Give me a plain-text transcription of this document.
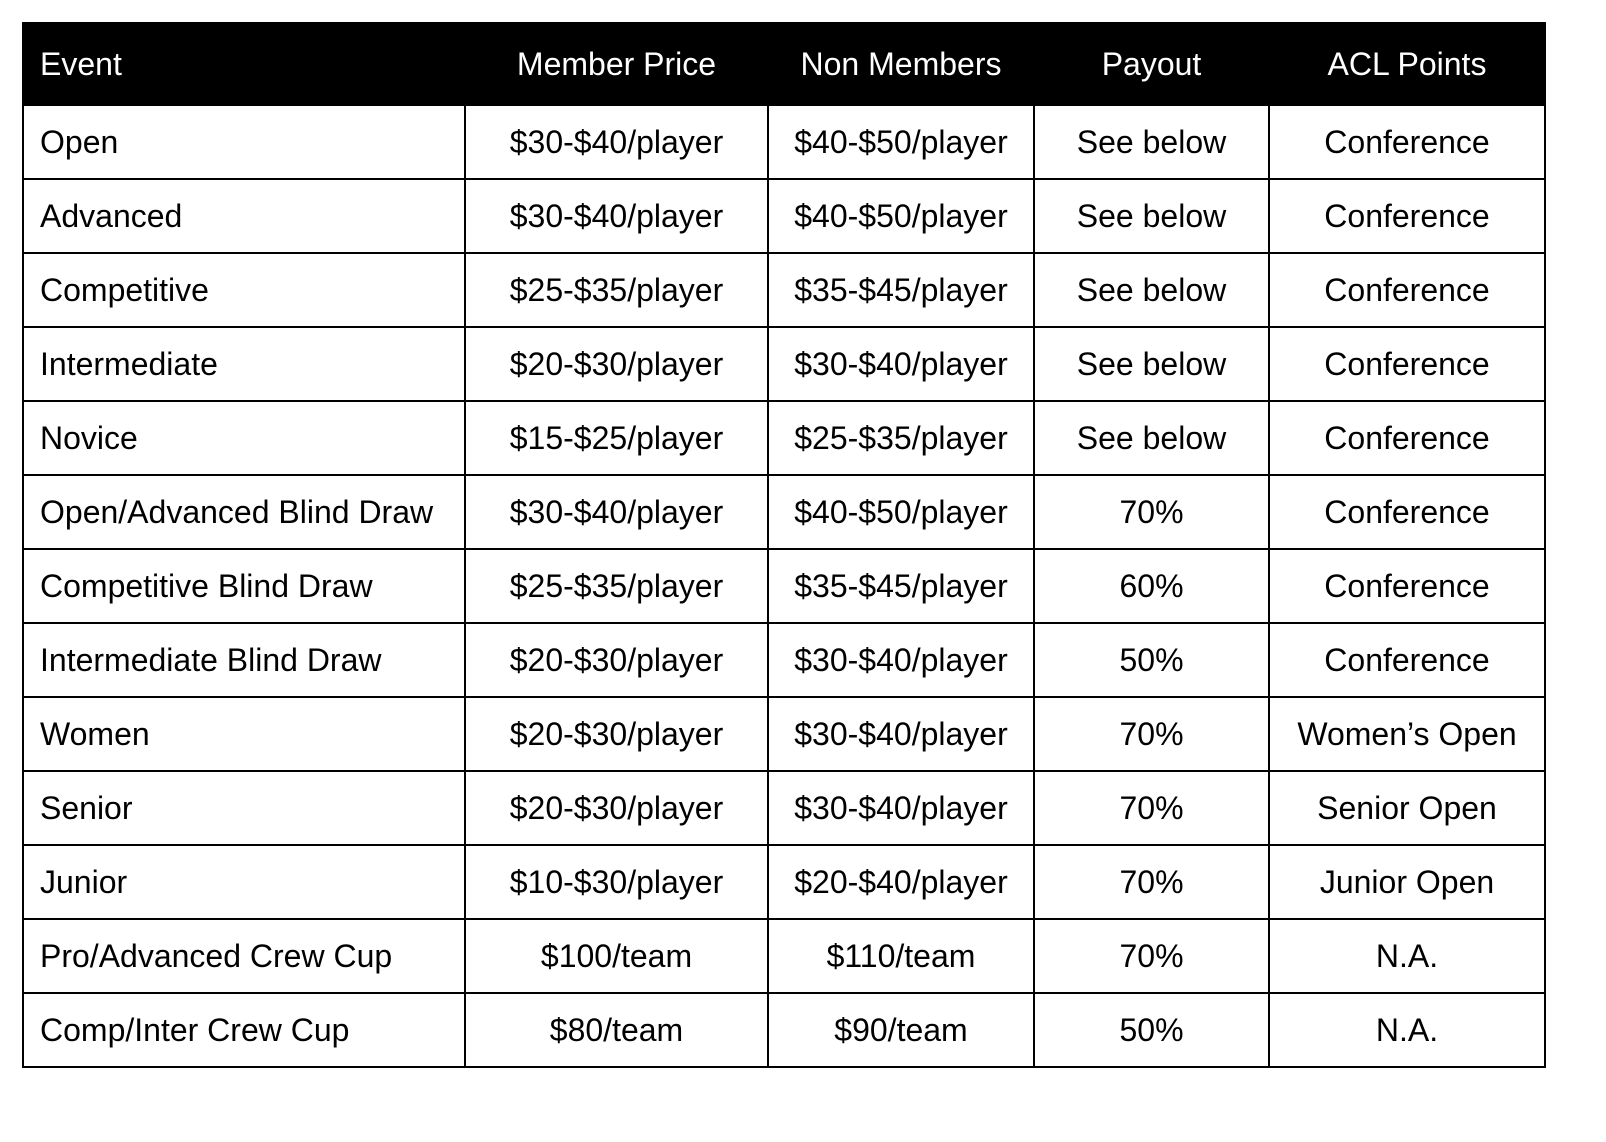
Event	Member Price	Non Members	Payout	ACL Points
Open	$30-$40/player	$40-$50/player	See below	Conference
Advanced	$30-$40/player	$40-$50/player	See below	Conference
Competitive	$25-$35/player	$35-$45/player	See below	Conference
Intermediate	$20-$30/player	$30-$40/player	See below	Conference
Novice	$15-$25/player	$25-$35/player	See below	Conference
Open/Advanced Blind Draw	$30-$40/player	$40-$50/player	70%	Conference
Competitive Blind Draw	$25-$35/player	$35-$45/player	60%	Conference
Intermediate Blind Draw	$20-$30/player	$30-$40/player	50%	Conference
Women	$20-$30/player	$30-$40/player	70%	Women’s Open
Senior	$20-$30/player	$30-$40/player	70%	Senior Open
Junior	$10-$30/player	$20-$40/player	70%	Junior Open
Pro/Advanced Crew Cup	$100/team	$110/team	70%	N.A.
Comp/Inter Crew Cup	$80/team	$90/team	50%	N.A.
